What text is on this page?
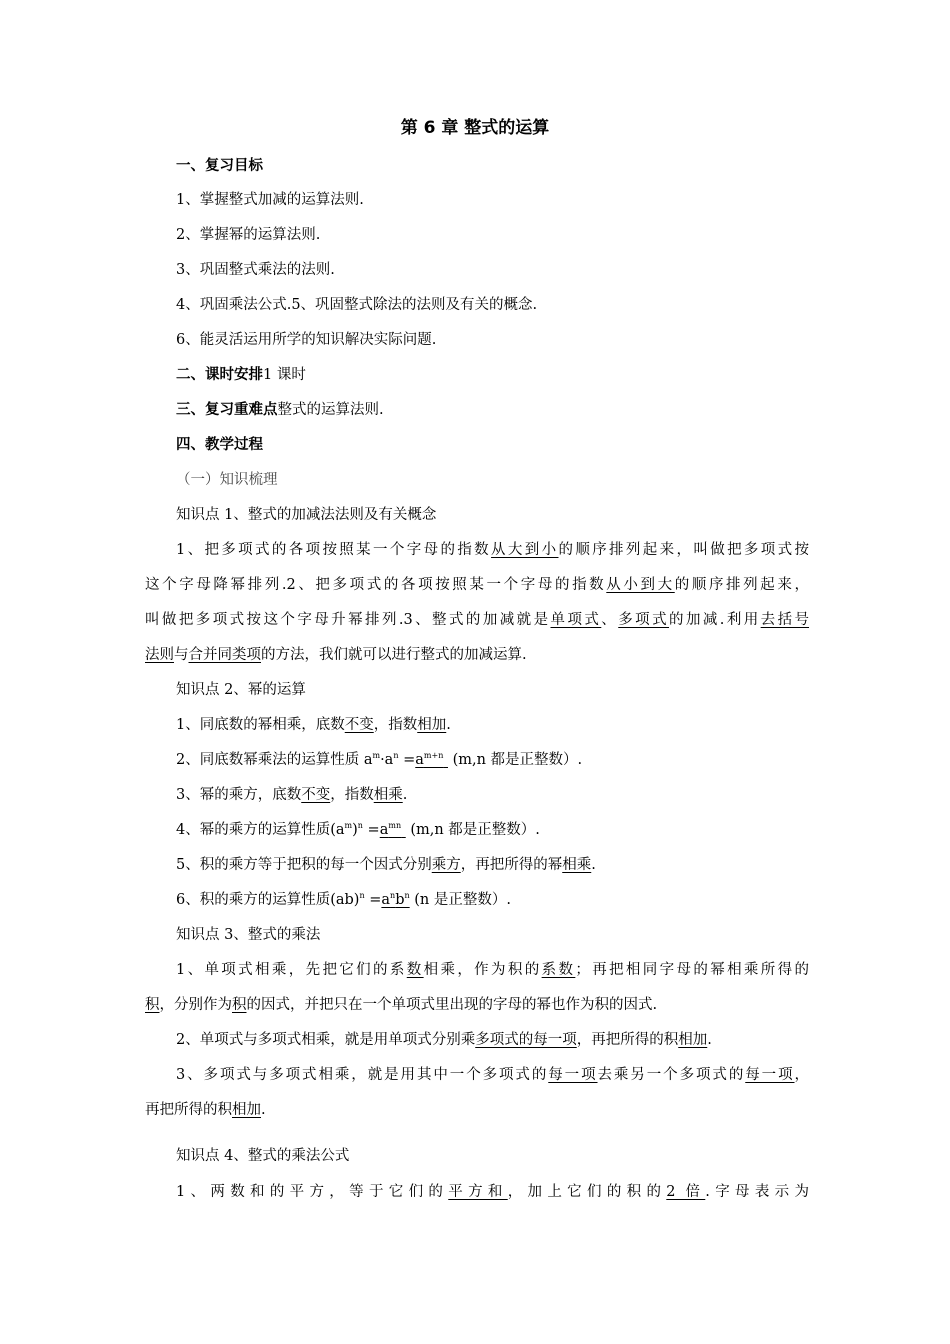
第 6 章 整式的运算
一、复习目标
1、掌握整式加减的运算法则.
2、掌握幂的运算法则.
3、巩固整式乘法的法则.
4、巩固乘法公式.5、巩固整式除法的法则及有关的概念.
6、能灵活运用所学的知识解决实际问题.
二、课时安排1 课时
三、复习重难点整式的运算法则.
四、教学过程
（一）知识梳理
知识点 1、整式的加减法法则及有关概念
1、把多项式的各项按照某一个字母的指数从大到小的顺序排列起来，叫做把多项式按
这个字母降幂排列.2、把多项式的各项按照某一个字母的指数从小到大的顺序排列起来，
叫做把多项式按这个字母升幂排列.3、整式的加减就是单项式、多项式的加减.利用去括号
法则与合并同类项的方法，我们就可以进行整式的加减运算.
知识点 2、幂的运算
1、同底数的幂相乘，底数不变，指数相加.
2、同底数幂乘法的运算性质 $a^m\cdot a^n =a^{m+n}$  (m,n 都是正整数）.
3、幂的乘方，底数不变，指数相乘.
4、幂的乘方的运算性质$(a^m)^n =a^{mn}$  (m,n 都是正整数）.
5、积的乘方等于把积的每一个因式分别乘方，再把所得的幂相乘.
6、积的乘方的运算性质$(ab)^n =a^nb^n$ (n 是正整数）.
知识点 3、整式的乘法
1、单项式相乘，先把它们的系数相乘，作为积的系数；再把相同字母的幂相乘所得的
积，分别作为积的因式，并把只在一个单项式里出现的字母的幂也作为积的因式.
2、单项式与多项式相乘，就是用单项式分别乘多项式的每一项，再把所得的积相加.
3、多项式与多项式相乘，就是用其中一个多项式的每一项去乘另一个多项式的每一项，
再把所得的积相加.
知识点 4、整式的乘法公式
1、两数和的平方，等于它们的平方和，加上它们的积的2 倍.字母表示为
